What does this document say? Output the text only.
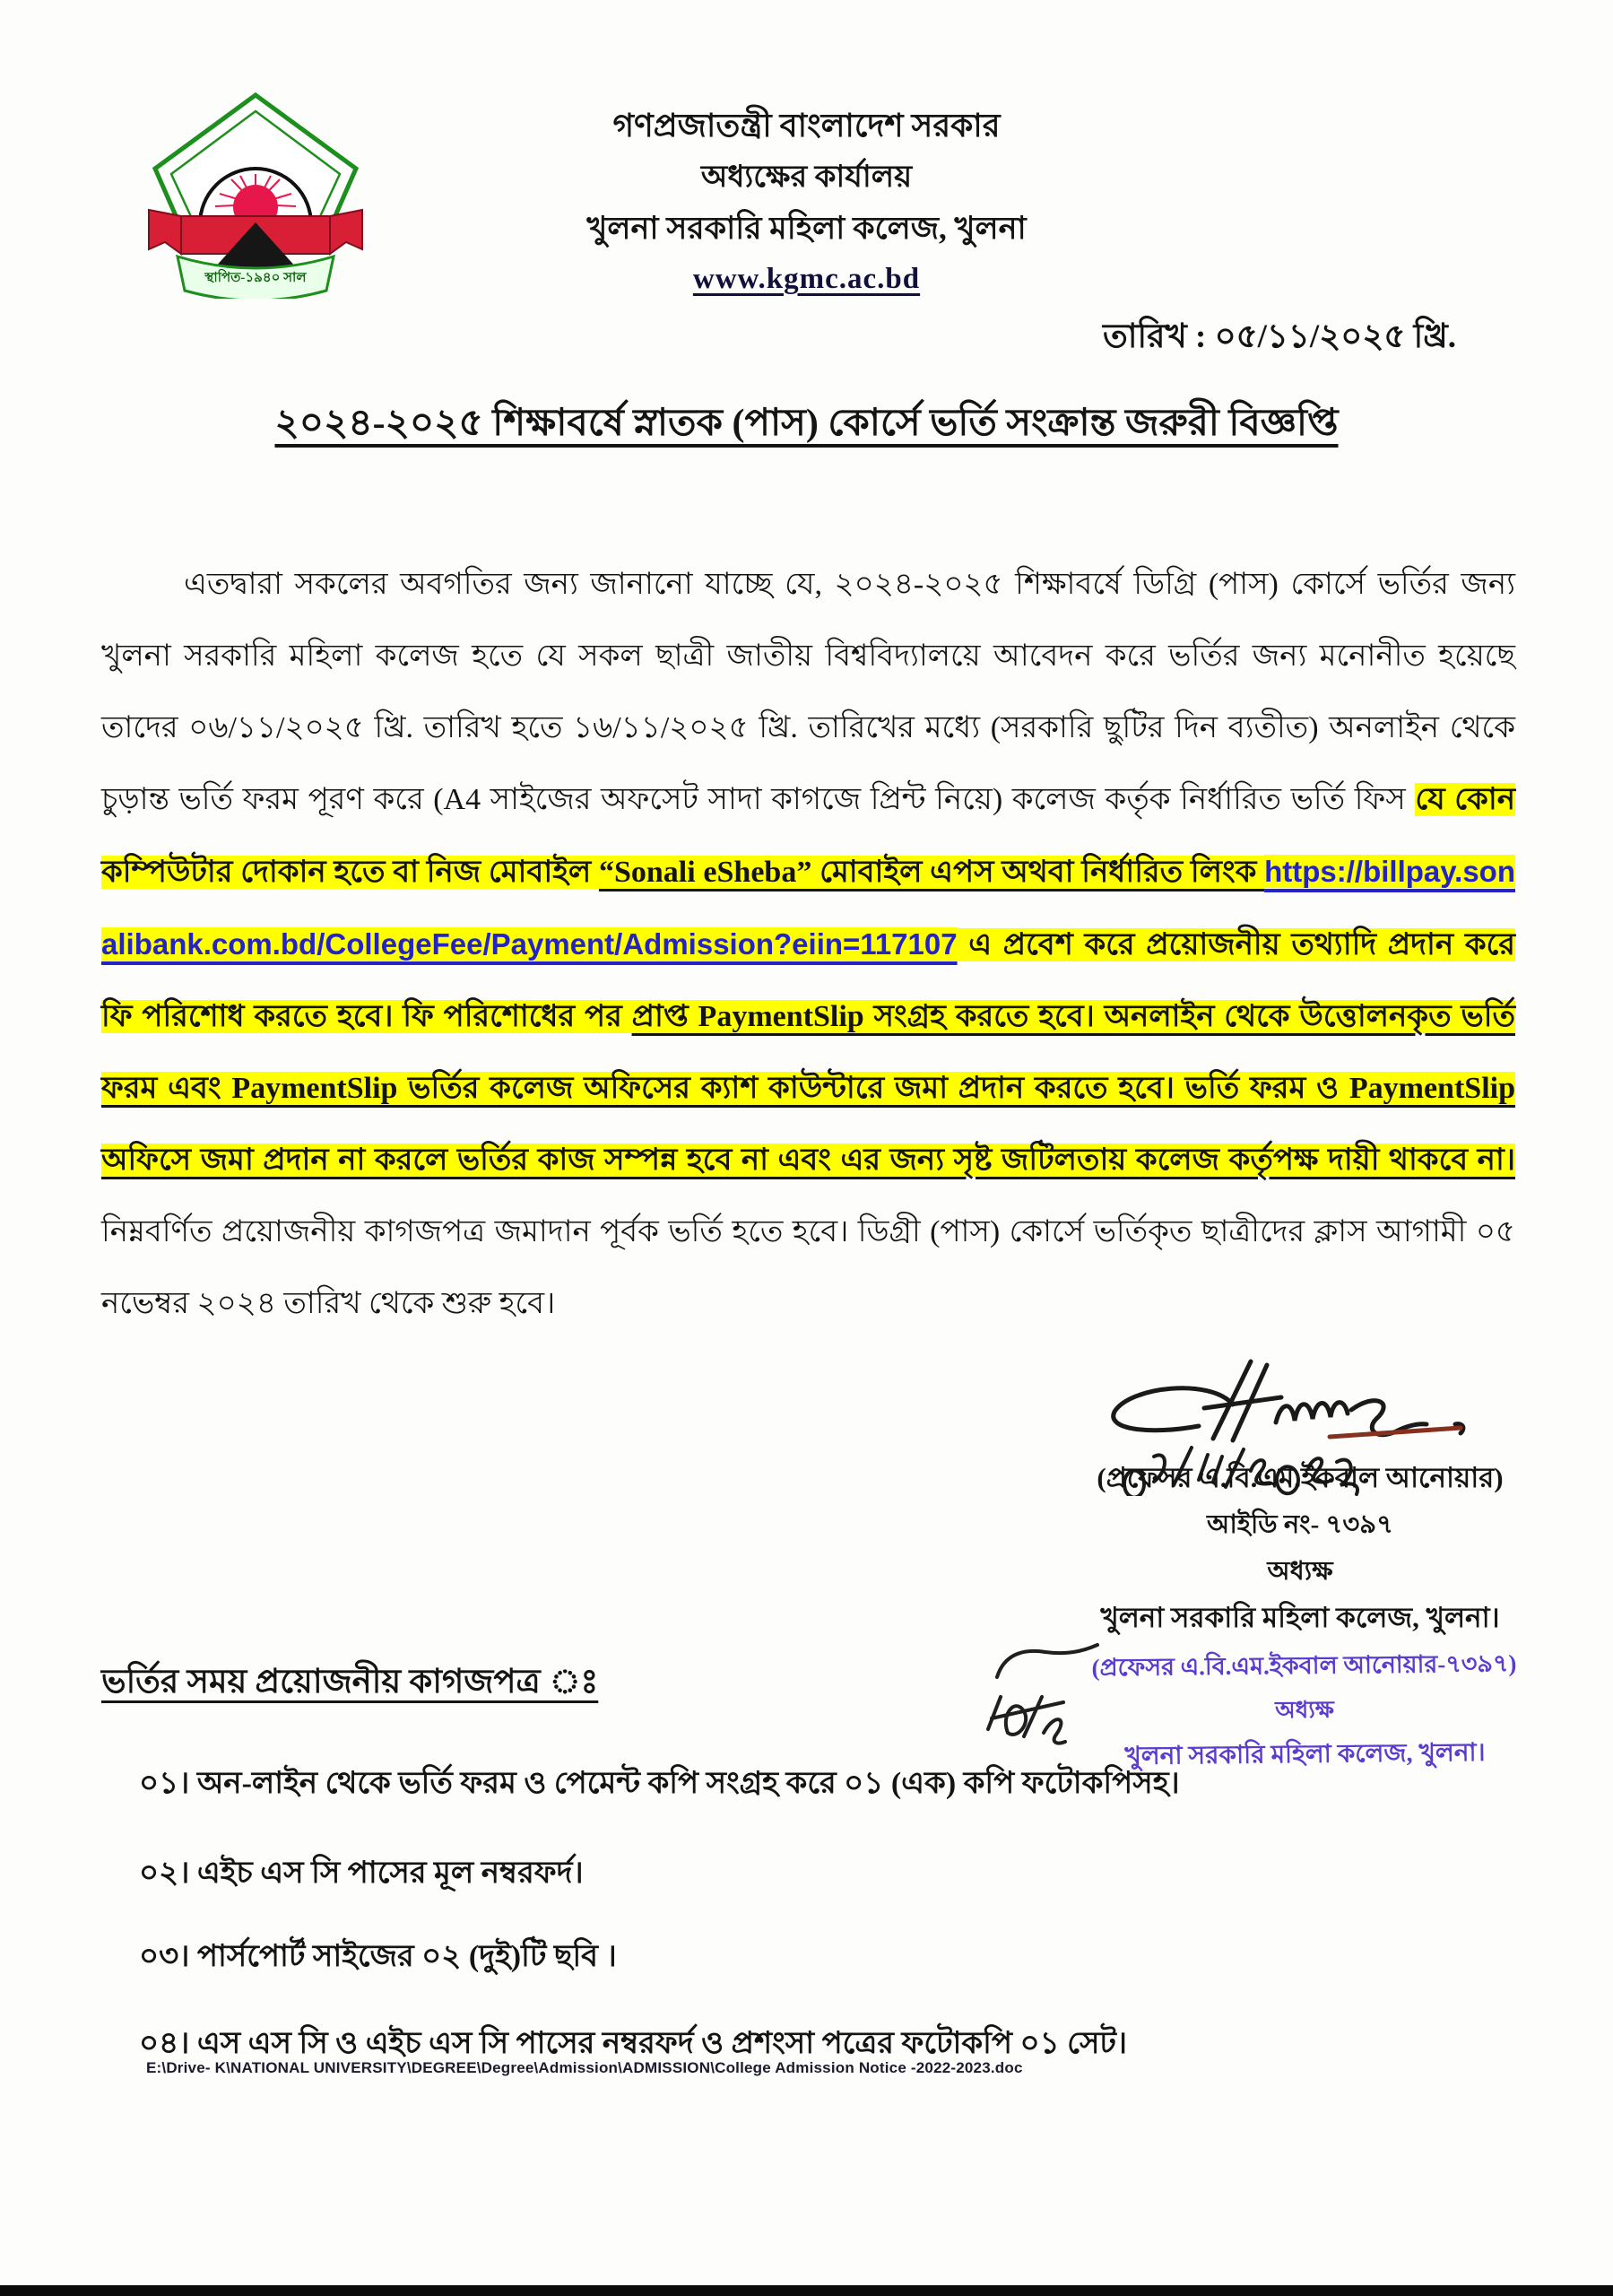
স্থাপিত-১৯৪০ সাল
গণপ্রজাতন্ত্রী বাংলাদেশ সরকার
অধ্যক্ষের কার্যালয়
খুলনা সরকারি মহিলা কলেজ, খুলনা
www.kgmc.ac.bd
তারিখ : ০৫/১১/২০২৫ খ্রি.
২০২৪-২০২৫ শিক্ষাবর্ষে স্নাতক (পাস) কোর্সে ভর্তি সংক্রান্ত জরুরী বিজ্ঞপ্তি
এতদ্বারা সকলের অবগতির জন্য জানানো যাচ্ছে যে, ২০২৪-২০২৫ শিক্ষাবর্ষে ডিগ্রি (পাস) কোর্সে ভর্তির জন্য খুলনা সরকারি মহিলা কলেজ হতে যে সকল ছাত্রী জাতীয় বিশ্ববিদ্যালয়ে আবেদন করে ভর্তির জন্য মনোনীত হয়েছে তাদের ০৬/১১/২০২৫ খ্রি. তারিখ হতে ১৬/১১/২০২৫ খ্রি. তারিখের মধ্যে (সরকারি ছুটির দিন ব্যতীত) অনলাইন থেকে চুড়ান্ত ভর্তি ফরম পূরণ করে (A4 সাইজের অফসেট সাদা কাগজে প্রিন্ট নিয়ে) কলেজ কর্তৃক নির্ধারিত ভর্তি ফিস যে কোন কম্পিউটার দোকান হতে বা নিজ মোবাইল “Sonali eSheba” মোবাইল এপস অথবা নির্ধারিত লিংক https://billpay.sonalibank.com.bd/CollegeFee/Payment/Admission?eiin=117107 এ প্রবেশ করে প্রয়োজনীয় তথ্যাদি প্রদান করে ফি পরিশোধ করতে হবে। ফি পরিশোধের পর প্রাপ্ত PaymentSlip সংগ্রহ করতে হবে। অনলাইন থেকে উত্তোলনকৃত ভর্তি ফরম এবং PaymentSlip ভর্তির কলেজ অফিসের ক্যাশ কাউন্টারে জমা প্রদান করতে হবে। ভর্তি ফরম ও PaymentSlip অফিসে জমা প্রদান না করলে ভর্তির কাজ সম্পন্ন হবে না এবং এর জন্য সৃষ্ট জটিলতায় কলেজ কর্তৃপক্ষ দায়ী থাকবে না। নিম্নবর্ণিত প্রয়োজনীয় কাগজপত্র জমাদান পূর্বক ভর্তি হতে হবে। ডিগ্রী (পাস) কোর্সে ভর্তিকৃত ছাত্রীদের ক্লাস আগামী ০৫ নভেম্বর ২০২৪ তারিখ থেকে শুরু হবে।
(প্রফেসর এ.বি.এম.ইকবাল আনোয়ার)
আইডি নং- ৭৩৯৭
অধ্যক্ষ
খুলনা সরকারি মহিলা কলেজ, খুলনা।
(প্রফেসর এ.বি.এম.ইকবাল আনোয়ার-৭৩৯৭)
অধ্যক্ষ
খুলনা সরকারি মহিলা কলেজ, খুলনা।
ভর্তির সময় প্রয়োজনীয় কাগজপত্র ঃ
০১। অন-লাইন থেকে ভর্তি ফরম ও পেমেন্ট কপি সংগ্রহ করে ০১ (এক) কপি ফটোকপিসহ।
০২। এইচ এস সি পাসের মূল নম্বরফর্দ।
০৩। পার্সপোর্ট সাইজের ০২ (দুই)টি ছবি ।
০৪। এস এস সি ও এইচ এস সি পাসের নম্বরফর্দ ও প্রশংসা পত্রের ফটোকপি ০১ সেট।
E:\Drive- K\NATIONAL UNIVERSITY\DEGREE\Degree\Admission\ADMISSION\College Admission Notice -2022-2023.doc
